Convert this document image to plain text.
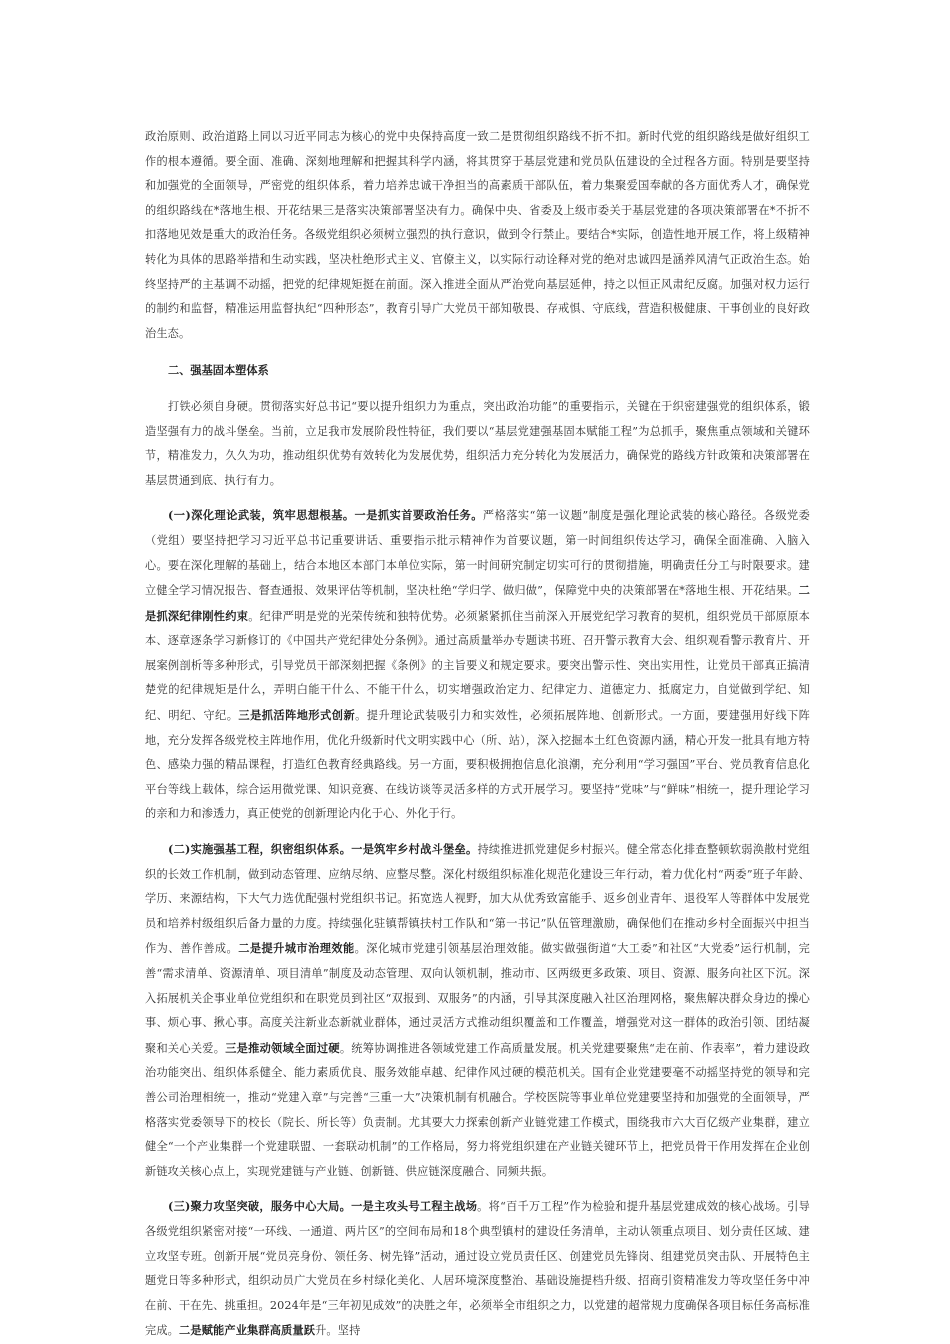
政治原则、政治道路上同以习近平同志为核心的党中央保持高度一致二是贯彻组织路线不折不扣。新时代党的组织路线是做好组织工作的根本遵循。要全面、准确、深刻地理解和把握其科学内涵，将其贯穿于基层党建和党员队伍建设的全过程各方面。特别是要坚持和加强党的全面领导，严密党的组织体系，着力培养忠诚干净担当的高素质干部队伍，着力集聚爱国奉献的各方面优秀人才，确保党的组织路线在*落地生根、开花结果三是落实决策部署坚决有力。确保中央、省委及上级市委关于基层党建的各项决策部署在*不折不扣落地见效是重大的政治任务。各级党组织必须树立强烈的执行意识，做到令行禁止。要结合*实际，创造性地开展工作，将上级精神转化为具体的思路举措和生动实践，坚决杜绝形式主义、官僚主义，以实际行动诠释对党的绝对忠诚四是涵养风清气正政治生态。始终坚持严的主基调不动摇，把党的纪律规矩挺在前面。深入推进全面从严治党向基层延伸，持之以恒正风肃纪反腐。加强对权力运行的制约和监督，精准运用监督执纪“四种形态”，教育引导广大党员干部知敬畏、存戒惧、守底线，营造积极健康、干事创业的良好政治生态。

二、强基固本塑体系

打铁必须自身硬。贯彻落实好总书记“要以提升组织力为重点，突出政治功能”的重要指示，关键在于织密建强党的组织体系，锻造坚强有力的战斗堡垒。当前，立足我市发展阶段性特征，我们要以“基层党建强基固本赋能工程”为总抓手，聚焦重点领域和关键环节，精准发力，久久为功，推动组织优势有效转化为发展优势，组织活力充分转化为发展活力，确保党的路线方针政策和决策部署在基层贯通到底、执行有力。

(一)深化理论武装，筑牢思想根基。一是抓实首要政治任务。严格落实“第一议题”制度是强化理论武装的核心路径。各级党委（党组）要坚持把学习习近平总书记重要讲话、重要指示批示精神作为首要议题，第一时间组织传达学习，确保全面准确、入脑入心。要在深化理解的基础上，结合本地区本部门本单位实际，第一时间研究制定切实可行的贯彻措施，明确责任分工与时限要求。建立健全学习情况报告、督查通报、效果评估等机制，坚决杜绝“学归学、做归做”，保障党中央的决策部署在*落地生根、开花结果。二是抓深纪律刚性约束。纪律严明是党的光荣传统和独特优势。必须紧紧抓住当前深入开展党纪学习教育的契机，组织党员干部原原本本、逐章逐条学习新修订的《中国共产党纪律处分条例》。通过高质量举办专题读书班、召开警示教育大会、组织观看警示教育片、开展案例剖析等多种形式，引导党员干部深刻把握《条例》的主旨要义和规定要求。要突出警示性、突出实用性，让党员干部真正搞清楚党的纪律规矩是什么，弄明白能干什么、不能干什么，切实增强政治定力、纪律定力、道德定力、抵腐定力，自觉做到学纪、知纪、明纪、守纪。三是抓活阵地形式创新。提升理论武装吸引力和实效性，必须拓展阵地、创新形式。一方面，要建强用好线下阵地，充分发挥各级党校主阵地作用，优化升级新时代文明实践中心（所、站），深入挖掘本土红色资源内涵，精心开发一批具有地方特色、感染力强的精品课程，打造红色教育经典路线。另一方面，要积极拥抱信息化浪潮，充分利用“学习强国”平台、党员教育信息化平台等线上载体，综合运用微党课、知识竞赛、在线访谈等灵活多样的方式开展学习。要坚持“党味”与“鲜味”相统一，提升理论学习的亲和力和渗透力，真正使党的创新理论内化于心、外化于行。

(二)实施强基工程，织密组织体系。一是筑牢乡村战斗堡垒。持续推进抓党建促乡村振兴。健全常态化排查整顿软弱涣散村党组织的长效工作机制，做到动态管理、应纳尽纳、应整尽整。深化村级组织标准化规范化建设三年行动，着力优化村“两委”班子年龄、学历、来源结构，下大气力选优配强村党组织书记。拓宽选人视野，加大从优秀致富能手、返乡创业青年、退役军人等群体中发展党员和培养村级组织后备力量的力度。持续强化驻镇帮镇扶村工作队和“第一书记”队伍管理激励，确保他们在推动乡村全面振兴中担当作为、善作善成。二是提升城市治理效能。深化城市党建引领基层治理效能。做实做强街道“大工委”和社区“大党委”运行机制，完善“需求清单、资源清单、项目清单”制度及动态管理、双向认领机制，推动市、区两级更多政策、项目、资源、服务向社区下沉。深入拓展机关企事业单位党组织和在职党员到社区“双报到、双服务”的内涵，引导其深度融入社区治理网格，聚焦解决群众身边的操心事、烦心事、揪心事。高度关注新业态新就业群体，通过灵活方式推动组织覆盖和工作覆盖，增强党对这一群体的政治引领、团结凝聚和关心关爱。三是推动领域全面过硬。统筹协调推进各领域党建工作高质量发展。机关党建要聚焦“走在前、作表率”，着力建设政治功能突出、组织体系健全、能力素质优良、服务效能卓越、纪律作风过硬的模范机关。国有企业党建要毫不动摇坚持党的领导和完善公司治理相统一，推动“党建入章”与完善“三重一大”决策机制有机融合。学校医院等事业单位党建要坚持和加强党的全面领导，严格落实党委领导下的校长（院长、所长等）负责制。尤其要大力探索创新产业链党建工作模式，围绕我市六大百亿级产业集群，建立健全“一个产业集群一个党建联盟、一套联动机制”的工作格局，努力将党组织建在产业链关键环节上，把党员骨干作用发挥在企业创新链攻关核心点上，实现党建链与产业链、创新链、供应链深度融合、同频共振。

(三)聚力攻坚突破，服务中心大局。一是主攻头号工程主战场。将“百千万工程”作为检验和提升基层党建成效的核心战场。引导各级党组织紧密对接“一环线、一通道、两片区”的空间布局和18个典型镇村的建设任务清单，主动认领重点项目、划分责任区域、建立攻坚专班。创新开展“党员亮身份、领任务、树先锋”活动，通过设立党员责任区、创建党员先锋岗、组建党员突击队、开展特色主题党日等多种形式，组织动员广大党员在乡村绿化美化、人居环境深度整治、基础设施提档升级、招商引资精准发力等攻坚任务中冲在前、干在先、挑重担。2024年是“三年初见成效”的决胜之年，必须举全市组织之力，以党建的超常规力度确保各项目标任务高标准完成。二是赋能产业集群高质量跃升。坚持
